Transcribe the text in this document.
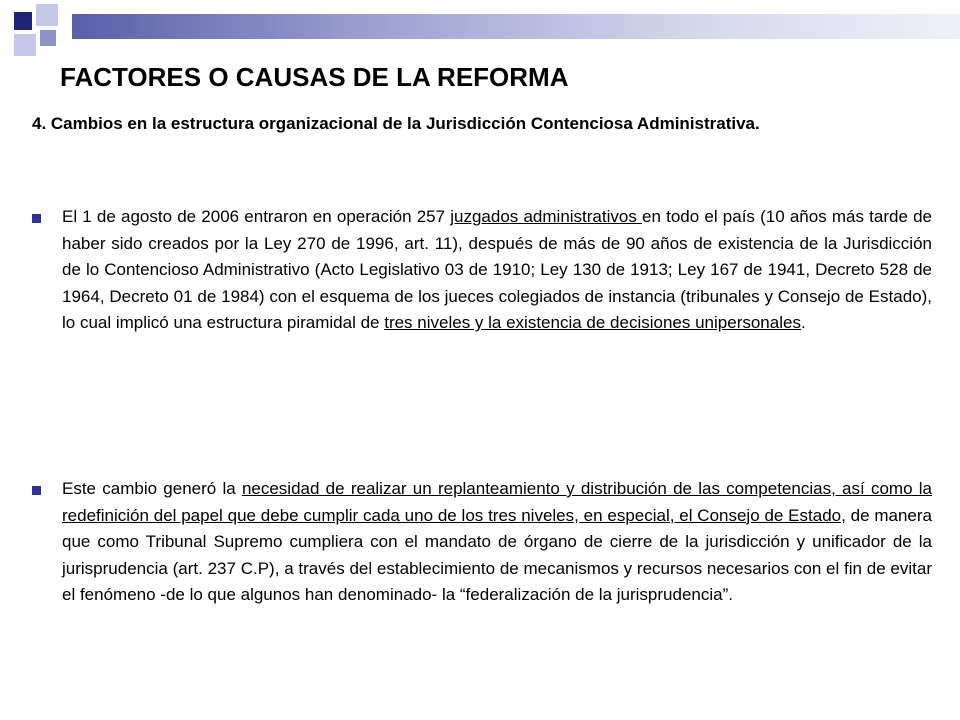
FACTORES O CAUSAS DE LA REFORMA

4. Cambios en la estructura organizacional de la Jurisdicción Contenciosa Administrativa.

El 1 de agosto de 2006 entraron en operación 257 juzgados administrativos en todo el país (10 años más tarde de haber sido creados por la Ley 270 de 1996, art. 11), después de más de 90 años de existencia de la Jurisdicción de lo Contencioso Administrativo (Acto Legislativo 03 de 1910; Ley 130 de 1913; Ley 167 de 1941, Decreto 528 de 1964, Decreto 01 de 1984) con el esquema de los jueces colegiados de instancia (tribunales y Consejo de Estado), lo cual implicó una estructura piramidal de tres niveles y la existencia de decisiones unipersonales.

Este cambio generó la necesidad de realizar un replanteamiento y distribución de las competencias, así como la redefinición del papel que debe cumplir cada uno de los tres niveles, en especial, el Consejo de Estado, de manera que como Tribunal Supremo cumpliera con el mandato de órgano de cierre de la jurisdicción y unificador de la jurisprudencia (art. 237 C.P), a través del establecimiento de mecanismos y recursos necesarios con el fin de evitar el fenómeno -de lo que algunos han denominado- la “federalización de la jurisprudencia”.
